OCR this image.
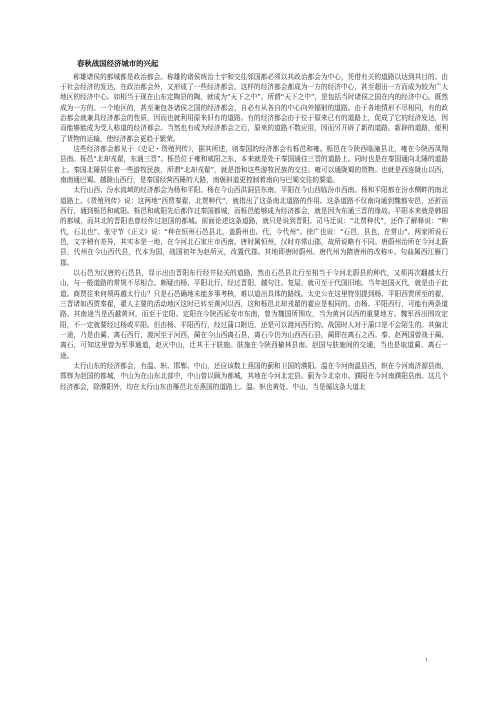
春秋战国经济城市的兴起

称雄诸侯的都城都是政治都会。称雄的诸侯统治土宇和交往邻国都必须以其政治都会为中心，凭借有关的道路以达到其目的。由于社会经济的发达，在政治都会外，又形成了一些经济都会。这样的经济都会都成为一方的经济中心，甚至超出一方而成为较为广大地区的经济中心。如相当于现在山东定陶县的陶，就成为“天下之中”。所谓“天下之中”，是包括当时诸侯之国在内的经济中心。既然成为一方的、一个地区的，甚至兼包各诸侯之国的经济都会，自必有从各自的中心向外辐射的道路。由于各地情形不尽相同，有的政治都会就兼具经济都会的性质，因而也就利用原来旧有的道路。有的经济都会由于位于原来已有的道路上，促成了它的经济发达，因而能够能成为受人称道的经济都会。当然也有成为经济都会之后，原来的道路不数应用，因而另开辟了新的道路。新辟的道路，便利了货物的运输，使经济都会更趋于繁荣。

这些经济都会都见于《史记・货殖列传》，据其所述，则秦国的经济都会有栎邑和雍。栎邑在今陕西临潼县北，雍在今陕西凤翔县南。栎邑“北却戎翟，东通三晋”。栎邑位于雍和咸阳之东，本来就是处于秦国通往三晋的道路上。同时也是在秦国通向北陲的道路上。秦国北陲居住着一些游牧民族，所谓“北却戎翟”，就是指和这些游牧民族的交往。雍可以通陇蜀的货物。也就是西连陇山以西，南南通巴蜀。越陇山西行，是秦国经营西陲的大路，南褒斜道更控制着南向与巴蜀交往的要道。

太行山西、汾水流域的经济都会为杨和平阳。杨在今山西洪洞县东南，平阳在今山西临汾市西南。杨和平阳都在汾水侧畔的南北道路上。《货殖列传》说：这两地“西贾秦翟，北贾种代”，就指出了这条南北道路的作用。这条道路不仅南向通到魏都安邑，还折而西行，通到栎邑和咸阳。栎邑和咸阳先后都作过秦国都城，而栎邑能够成为经济都会，就是因为东通三晋的缘故。平阳本来就是韩国的都城，而其北的晋阳也曾经作过赵国的都城。前面论述这条道路，就只是说到晋阳。司马迁说：“北贾种代”，还作了解释说：“种代，石北也”。张守节《正义》说：“种在恒州石邑县北，盖蔚州也。代，今代州”。徐广也说：“石邑，县也，在常山”。两家所说石邑，文字稍有差异，其实本是一地，在今河北石家庄市西南。唐时属恒州，汉时亦常山郡，故所说略有不同。唐蔚州治所在今河北蔚县，代州在今山西代县，代本为国，战国初年为赵所灭，改置代郡。其地即唐时蔚州。唐代州为隋唐州的改称①。句曲属西江雁门郡。

以石邑为汉唐的石邑县，显示出由晋阳东行经井陉关的道路，然由石邑县北行至相当于今河北蔚县的种代，又须再次翻越太行山，与一般道路的常规不尽相合。颇疑由杨、平阳北行，经过晋阳，越句注、复屋，就可至于代国旧地。当年赵国灭代，就是由于此道。商贾往来何须再越太行山？只是石邑确地未能多事考核，难以道出具体的路线。太史公在这里特别提到杨、平阳西贾所至的翟，三晋诸如西贾秦翟，翟人主要的活动地区这时已转至黄河以西，这和栎邑北却戎翟的翟应是相同的。由杨、平阳西行，可能有两条道路。其南途当是西越黄河，而至于定阳。定阳在今陕西延安市东南，曾为魏国所围攻，当为黄河以西的重要地方。魏军西出围攻定阳，不一定就要经过杨或平阳。但由杨、平阳西行，经过蒲口附近，还是可以渡河西行的。战国时人对于蒲口是不会陌生的。其偏北一途，乃是由蔺、离石西行，渡河至于河西，蔺在今山西离石县，离石今仍为山西西石县，蔺即在离石之西。秦、赵两国曾战于蔺、离石，可知这里曾为军事通道，赵灭中山，迁其王于肤施。肤施在今陕西榆林县南。赵国与肤施间的交通，当也是取道蔺、离石一途。

太行山东的经济都会，有温、轵、邯郸、中山，还应该数上燕国的蓟和卫国的濮阳。温在今河南温县西，轵在今河南济源县南，邯郸为赵国的都城，中山为在山东北部中，中山曾以顾为都城，其地在今河北定县。蓟为今北京市。濮阳在今河南濮阳县南。这几个经济都会，除濮阳外，均在太行山东由雁邑北至燕国的道路上。温、轵也黄处、中山，当是循这条大道北

1
